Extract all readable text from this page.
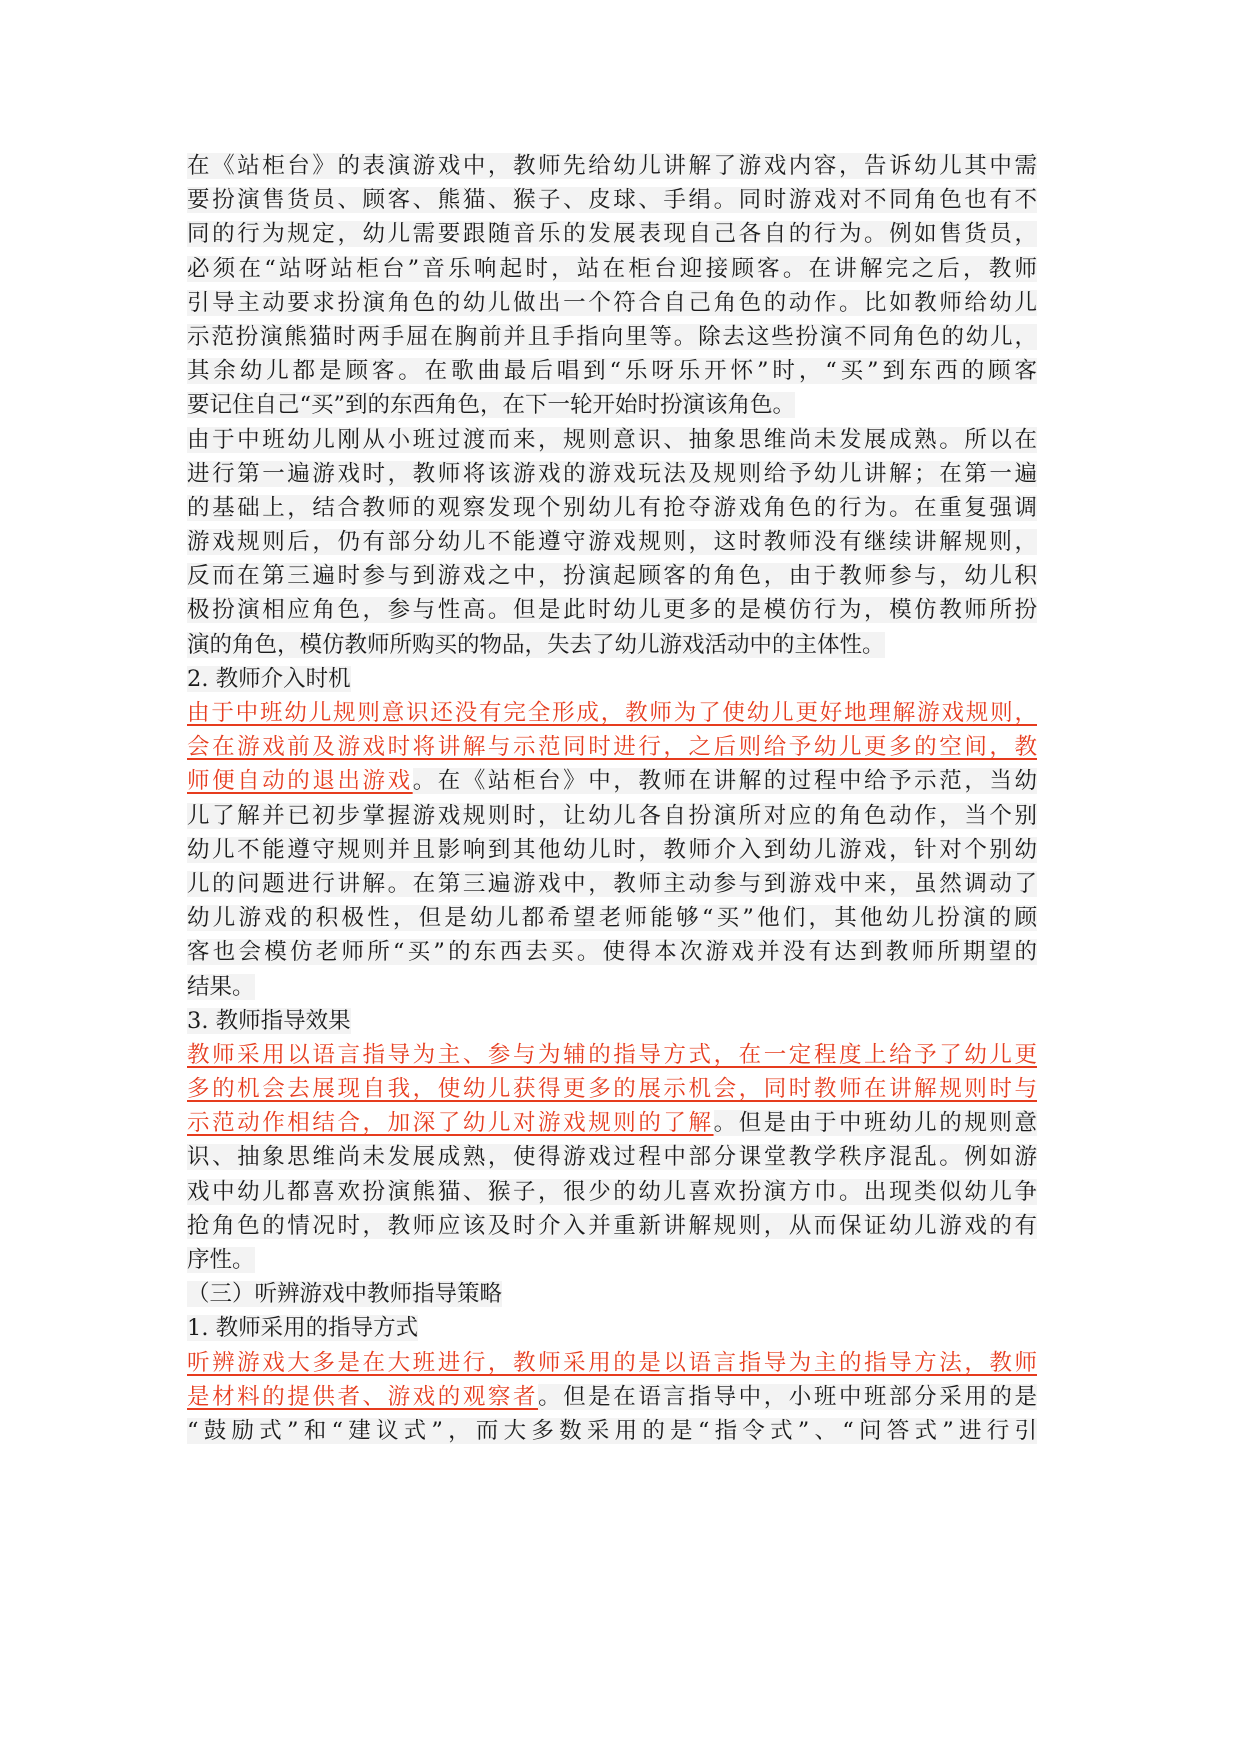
在《站柜台》的表演游戏中，教师先给幼儿讲解了游戏内容，告诉幼儿其中需
要扮演售货员、顾客、熊猫、猴子、皮球、手绢。同时游戏对不同角色也有不
同的行为规定，幼儿需要跟随音乐的发展表现自己各自的行为。例如售货员，
必须在“站呀站柜台”音乐响起时，站在柜台迎接顾客。在讲解完之后，教师
引导主动要求扮演角色的幼儿做出一个符合自己角色的动作。比如教师给幼儿
示范扮演熊猫时两手屈在胸前并且手指向里等。除去这些扮演不同角色的幼儿，
其余幼儿都是顾客。在歌曲最后唱到“乐呀乐开怀”时，“买”到东西的顾客
要记住自己“买”到的东西角色，在下一轮开始时扮演该角色。
由于中班幼儿刚从小班过渡而来，规则意识、抽象思维尚未发展成熟。所以在
进行第一遍游戏时，教师将该游戏的游戏玩法及规则给予幼儿讲解；在第一遍
的基础上，结合教师的观察发现个别幼儿有抢夺游戏角色的行为。在重复强调
游戏规则后，仍有部分幼儿不能遵守游戏规则，这时教师没有继续讲解规则，
反而在第三遍时参与到游戏之中，扮演起顾客的角色，由于教师参与，幼儿积
极扮演相应角色，参与性高。但是此时幼儿更多的是模仿行为，模仿教师所扮
演的角色，模仿教师所购买的物品，失去了幼儿游戏活动中的主体性。
2. 教师介入时机
由于中班幼儿规则意识还没有完全形成，教师为了使幼儿更好地理解游戏规则，
会在游戏前及游戏时将讲解与示范同时进行，之后则给予幼儿更多的空间，教
师便自动的退出游戏。在《站柜台》中，教师在讲解的过程中给予示范，当幼
儿了解并已初步掌握游戏规则时，让幼儿各自扮演所对应的角色动作，当个别
幼儿不能遵守规则并且影响到其他幼儿时，教师介入到幼儿游戏，针对个别幼
儿的问题进行讲解。在第三遍游戏中，教师主动参与到游戏中来，虽然调动了
幼儿游戏的积极性，但是幼儿都希望老师能够“买”他们，其他幼儿扮演的顾
客也会模仿老师所“买”的东西去买。使得本次游戏并没有达到教师所期望的
结果。
3. 教师指导效果
教师采用以语言指导为主、参与为辅的指导方式，在一定程度上给予了幼儿更
多的机会去展现自我，使幼儿获得更多的展示机会，同时教师在讲解规则时与
示范动作相结合，加深了幼儿对游戏规则的了解。但是由于中班幼儿的规则意
识、抽象思维尚未发展成熟，使得游戏过程中部分课堂教学秩序混乱。例如游
戏中幼儿都喜欢扮演熊猫、猴子，很少的幼儿喜欢扮演方巾。出现类似幼儿争
抢角色的情况时，教师应该及时介入并重新讲解规则，从而保证幼儿游戏的有
序性。
（三）听辨游戏中教师指导策略
1. 教师采用的指导方式
听辨游戏大多是在大班进行，教师采用的是以语言指导为主的指导方法，教师
是材料的提供者、游戏的观察者。但是在语言指导中，小班中班部分采用的是
“鼓励式”和“建议式”，而大多数采用的是“指令式”、“问答式”进行引
